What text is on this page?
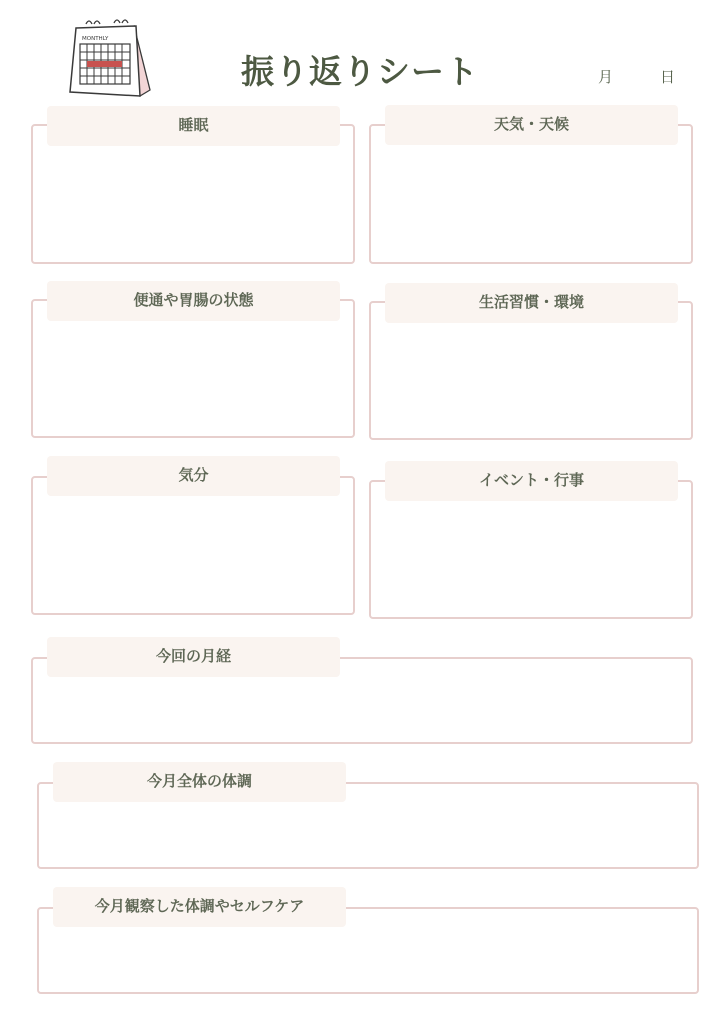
MONTHLY
振り返りシート	月	日
睡眠	天気・天候
便通や胃腸の状態	生活習慣・環境
気分	イベント・行事
今回の月経
今月全体の体調
今月観察した体調やセルフケア
